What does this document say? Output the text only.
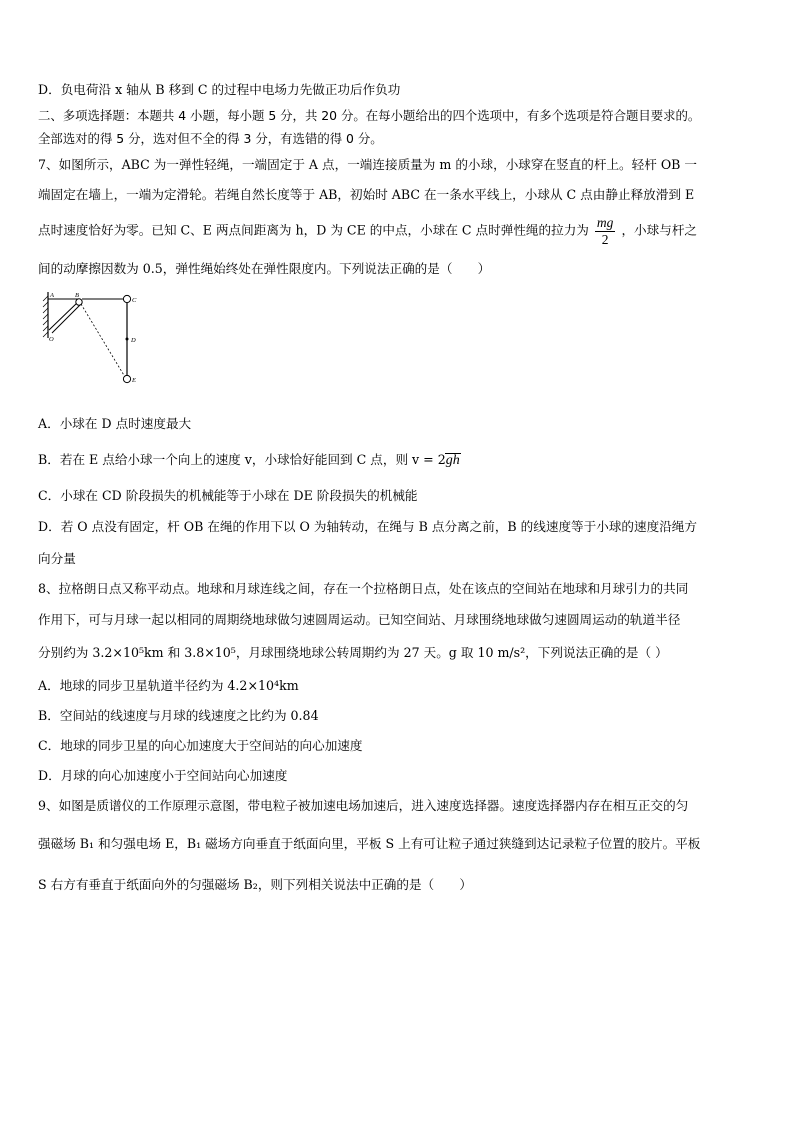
D．负电荷沿 x 轴从 B 移到 C 的过程中电场力先做正功后作负功
二、多项选择题：本题共 4 小题，每小题 5 分，共 20 分。在每小题给出的四个选项中，有多个选项是符合题目要求的。
全部选对的得 5 分，选对但不全的得 3 分，有选错的得 0 分。
7、如图所示，ABC 为一弹性轻绳，一端固定于 A 点，一端连接质量为 m 的小球，小球穿在竖直的杆上。轻杆 OB 一
端固定在墙上，一端为定滑轮。若绳自然长度等于 AB，初始时 ABC 在一条水平线上，小球从 C 点由静止释放滑到 E
点时速度恰好为零。已知 C、E 两点间距离为 h，D 为 CE 的中点，小球在 C 点时弹性绳的拉力为 $\frac{mg}{2}$ ，小球与杆之
间的动摩擦因数为 0.5，弹性绳始终处在弹性限度内。下列说法正确的是（　　）
A	B
C
O	D
E
A．小球在 D 点时速度最大
B．若在 E 点给小球一个向上的速度 v，小球恰好能回到 C 点，则 v = 2gh
C．小球在 CD 阶段损失的机械能等于小球在 DE 阶段损失的机械能
D．若 O 点没有固定，杆 OB 在绳的作用下以 O 为轴转动，在绳与 B 点分离之前，B 的线速度等于小球的速度沿绳方
向分量
8、拉格朗日点又称平动点。地球和月球连线之间，存在一个拉格朗日点，处在该点的空间站在地球和月球引力的共同
作用下，可与月球一起以相同的周期绕地球做匀速圆周运动。已知空间站、月球围绕地球做匀速圆周运动的轨道半径
分别约为 3.2×10⁵km 和 3.8×10⁵，月球围绕地球公转周期约为 27 天。g 取 10 m/s²，下列说法正确的是（ ）
A．地球的同步卫星轨道半径约为 4.2×10⁴km
B．空间站的线速度与月球的线速度之比约为 0.84
C．地球的同步卫星的向心加速度大于空间站的向心加速度
D．月球的向心加速度小于空间站向心加速度
9、如图是质谱仪的工作原理示意图，带电粒子被加速电场加速后，进入速度选择器。速度选择器内存在相互正交的匀
强磁场 B₁ 和匀强电场 E，B₁ 磁场方向垂直于纸面向里，平板 S 上有可让粒子通过狭缝到达记录粒子位置的胶片。平板
S 右方有垂直于纸面向外的匀强磁场 B₂，则下列相关说法中正确的是（　　）
